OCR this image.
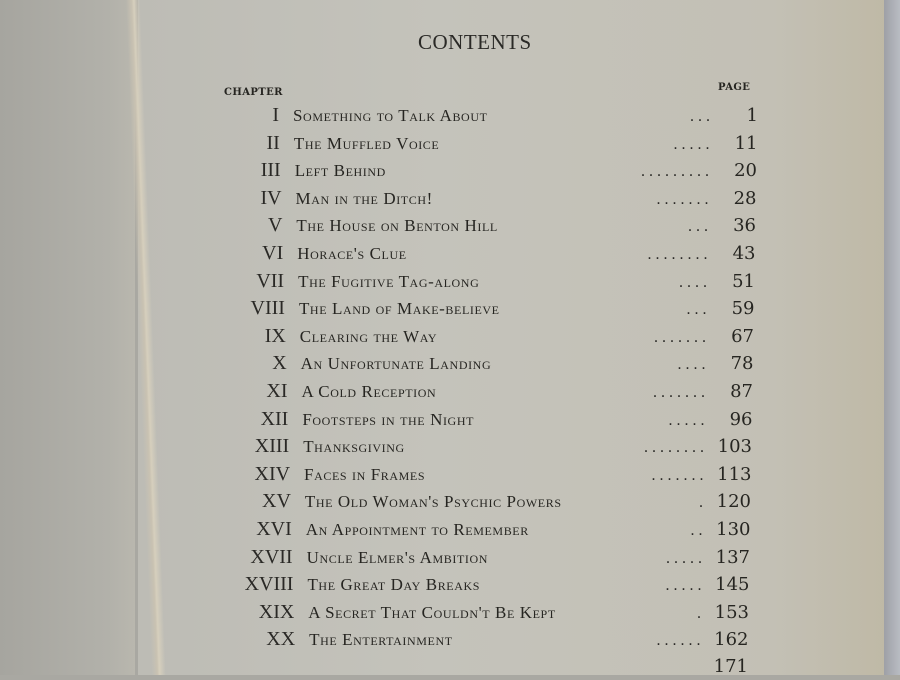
CONTENTS
CHAPTER	PAGE
I Something to Talk About	. . .	1
II The Muffled Voice	. . . . .	11
III Left Behind	. . . . . . . . .	20
IV Man in the Ditch!	. . . . . . .	28
V The House on Benton Hill	. . .	36
VI Horace's Clue	. . . . . . . .	43
VII The Fugitive Tag-along	. . . .	51
VIII The Land of Make-believe	. . .	59
IX Clearing the Way	. . . . . . .	67
X An Unfortunate Landing	. . . .	78
XI A Cold Reception	. . . . . . .	87
XII Footsteps in the Night	. . . . .	96
XIII Thanksgiving	. . . . . . . . 103
XIV Faces in Frames	. . . . . . . 113
XV The Old Woman's Psychic Powers	. 120
XVI An Appointment to Remember	. . 130
XVII Uncle Elmer's Ambition	. . . . . 137
XVIII The Great Day Breaks	. . . . . 145
XIX A Secret That Couldn't Be Kept	. 153
XX The Entertainment	. . . . . . 162
171
